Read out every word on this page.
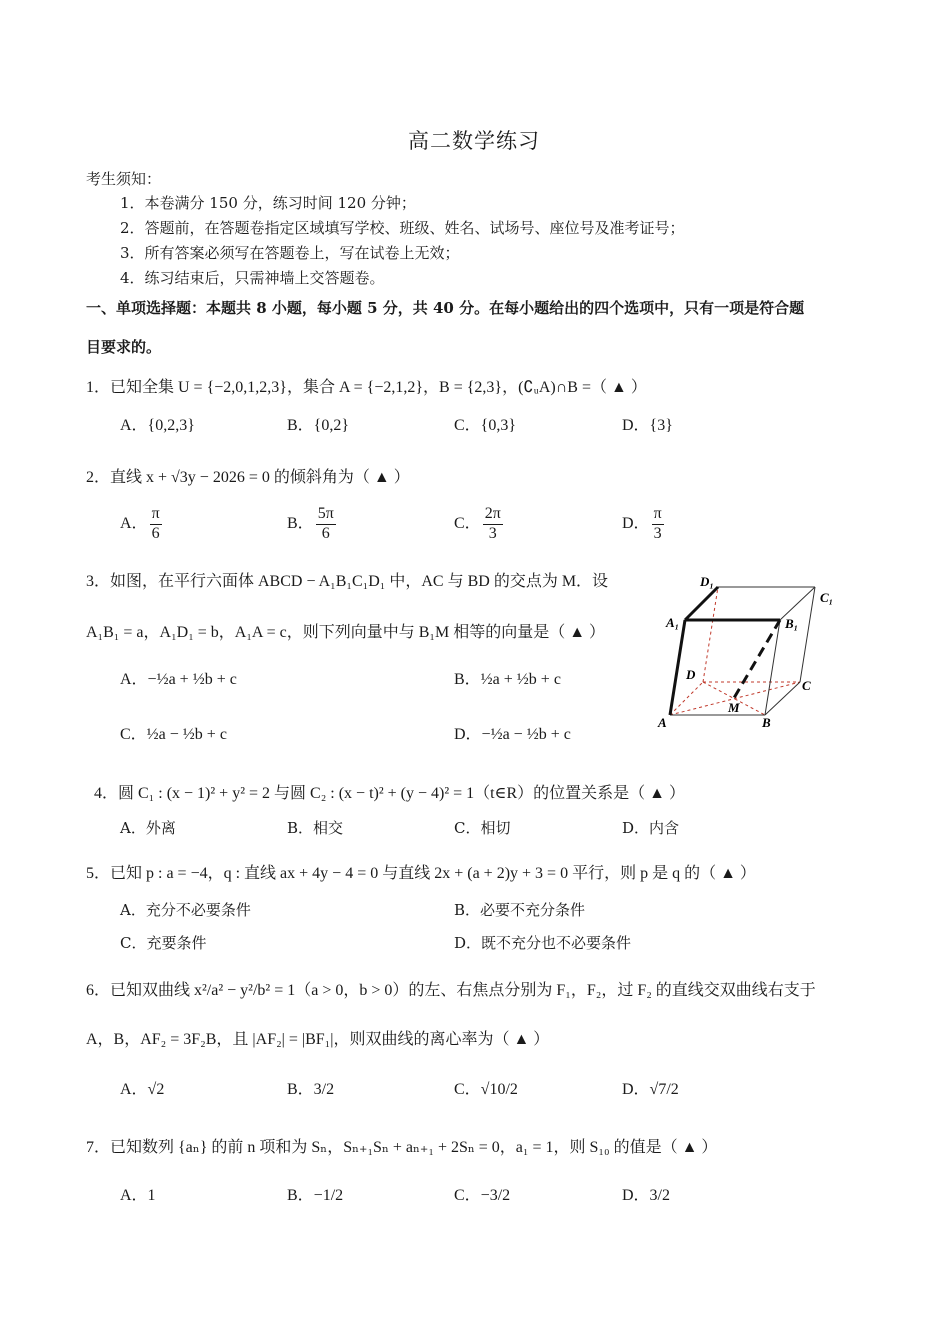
高二数学练习
考生须知：
1．本卷满分 150 分，练习时间 120 分钟；
2．答题前，在答题卷指定区域填写学校、班级、姓名、试场号、座位号及准考证号；
3．所有答案必须写在答题卷上，写在试卷上无效；
4．练习结束后，只需神墙上交答题卷。
一、单项选择题：本题共 8 小题，每小题 5 分，共 40 分。在每小题给出的四个选项中，只有一项是符合题
目要求的。
1．已知全集 U = {−2,0,1,2,3}，集合 A = {−2,1,2}，B = {2,3}，(∁ᵤA)∩B =（ ▲ ）
A．{0,2,3}	B．{0,2}	C．{0,3}	D．{3}
2．直线 x + √3y − 2026 = 0 的倾斜角为（ ▲ ）
A． $\frac{\pi}{6}$	B． $\frac{5\pi}{6}$	C． $\frac{2\pi}{3}$	D． $\frac{\pi}{3}$
3．如图，在平行六面体 ABCD − A₁B₁C₁D₁ 中，AC 与 BD 的交点为 M．设
A₁B₁ = a，A₁D₁ = b，A₁A = c，则下列向量中与 B₁M 相等的向量是（ ▲ ）
A．−½a + ½b + c	B．½a + ½b + c
C．½a − ½b + c	D．−½a − ½b + c
D₁
C₁
A₁	B₁
D
C
M
A	B
4．圆 C₁ : (x − 1)² + y² = 2 与圆 C₂ : (x − t)² + (y − 4)² = 1（t∈R）的位置关系是（ ▲ ）
A．外离	B．相交	C．相切	D．内含
5．已知 p : a = −4，q : 直线 ax + 4y − 4 = 0 与直线 2x + (a + 2)y + 3 = 0 平行，则 p 是 q 的（ ▲ ）
A．充分不必要条件	B．必要不充分条件
C．充要条件	D．既不充分也不必要条件
6．已知双曲线 x²/a² − y²/b² = 1（a > 0，b > 0）的左、右焦点分别为 F₁，F₂，过 F₂ 的直线交双曲线右支于
A，B，AF₂ = 3F₂B，且 |AF₂| = |BF₁|，则双曲线的离心率为（ ▲ ）
A．√2	B．3/2	C．√10/2	D．√7/2
7．已知数列 {aₙ} 的前 n 项和为 Sₙ，Sₙ₊₁Sₙ + aₙ₊₁ + 2Sₙ = 0，a₁ = 1，则 S₁₀ 的值是（ ▲ ）
A．1	B．−1/2	C．−3/2	D．3/2
